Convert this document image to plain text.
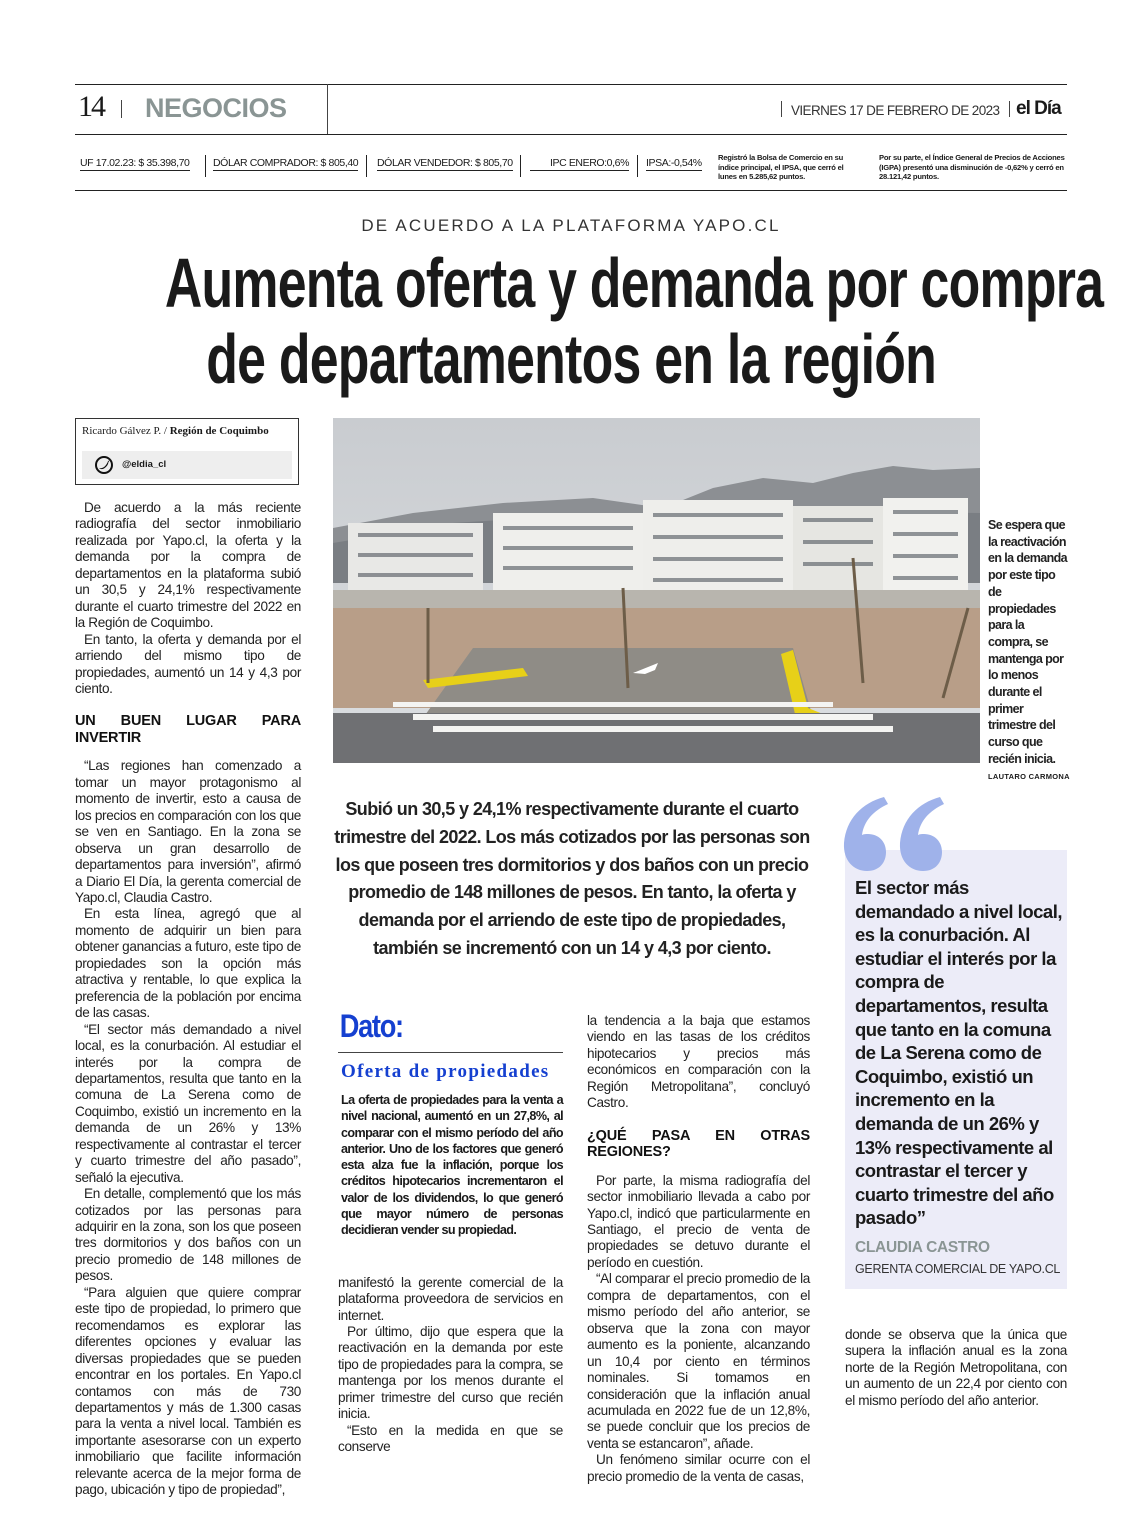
14 NEGOCIOS	VIERNES 17 DE FEBRERO DE 2023 el Día
UF 17.02.23: $ 35.398,70 DÓLAR COMPRADOR: $ 805,40 DÓLAR VENDEDOR: $ 805,70	IPC ENERO:0,6% IPSA:-0,54% Registró la Bolsa de Comercio en su índice principal, el IPSA, que cerró el lunes en 5.285,62 puntos.
Por su parte, el Índice General de Precios de Acciones (IGPA) presentó una disminución de -0,62% y cerró en 28.121,42 puntos.
DE ACUERDO A LA PLATAFORMA YAPO.CL
Aumenta oferta y demanda por compra
de departamentos en la región
Ricardo Gálvez P. / Región de Coquimbo
@eldia_cl

De acuerdo a la más reciente radiografía del sector inmobiliario realizada por Yapo.cl, la oferta y la demanda por la compra de departamentos en la plataforma subió un 30,5 y 24,1% respectivamente durante el cuarto trimestre del 2022 en la Región de Coquimbo.

En tanto, la oferta y demanda por el arriendo del mismo tipo de propiedades, aumentó un 14 y 4,3 por ciento.

UN BUEN LUGAR PARA INVERTIR

“Las regiones han comenzado a tomar un mayor protagonismo al momento de invertir, esto a causa de los precios en comparación con los que se ven en Santiago. En la zona se observa un gran desarrollo de departamentos para inversión”, afirmó a Diario El Día, la gerenta comercial de Yapo.cl, Claudia Castro.

En esta línea, agregó que al momento de adquirir un bien para obtener ganancias a futuro, este tipo de propiedades son la opción más atractiva y rentable, lo que explica la preferencia de la población por encima de las casas.

“El sector más demandado a nivel local, es la conurbación. Al estudiar el interés por la compra de departamentos, resulta que tanto en la comuna de La Serena como de Coquimbo, existió un incremento en la demanda de un 26% y 13% respectivamente al contrastar el tercer y cuarto trimestre del año pasado”, señaló la ejecutiva.

En detalle, complementó que los más cotizados por las personas para adquirir en la zona, son los que poseen tres dormitorios y dos baños con un precio promedio de 148 millones de pesos.

“Para alguien que quiere comprar este tipo de propiedad, lo primero que recomendamos es explorar las diferentes opciones y evaluar las diversas propiedades que se pueden encontrar en los portales. En Yapo.cl contamos con más de 730 departamentos y más de 1.300 casas para la venta a nivel local. También es importante asesorarse con un experto inmobiliario que facilite información relevante acerca de la mejor forma de pago, ubicación y tipo de propiedad”,

Se espera que la reactivación en la demanda por este tipo de propiedades para la compra, se mantenga por lo menos durante el primer trimestre del curso que recién inicia.
LAUTARO CARMONA
Subió un 30,5 y 24,1% respectivamente durante el cuarto trimestre del 2022. Los más cotizados por las personas son los que poseen tres dormitorios y dos baños con un precio promedio de 148 millones de pesos. En tanto, la oferta y demanda por el arriendo de este tipo de propiedades, también se incrementó con un 14 y 4,3 por ciento.
Dato:
Oferta de propiedades
La oferta de propiedades para la venta a nivel nacional, aumentó en un 27,8%, al comparar con el mismo período del año anterior. Uno de los factores que generó esta alza fue la inflación, porque los créditos hipotecarios incrementaron el valor de los dividendos, lo que generó que mayor número de personas decidieran vender su propiedad.

manifestó la gerente comercial de la plataforma proveedora de servicios en internet.

Por último, dijo que espera que la reactivación en la demanda por este tipo de propiedades para la compra, se mantenga por los menos durante el primer trimestre del curso que recién inicia.

“Esto en la medida en que se conserve

la tendencia a la baja que estamos viendo en las tasas de los créditos hipotecarios y precios más económicos en comparación con la Región Metropolitana”, concluyó Castro.

¿QUÉ PASA EN OTRAS REGIONES?

Por parte, la misma radiografía del sector inmobiliario llevada a cabo por Yapo.cl, indicó que particularmente en Santiago, el precio de venta de propiedades se detuvo durante el período en cuestión.

“Al comparar el precio promedio de la compra de departamentos, con el mismo período del año anterior, se observa que la zona con mayor aumento es la poniente, alcanzando un 10,4 por ciento en términos nominales. Si tomamos en consideración que la inflación anual acumulada en 2022 fue de un 12,8%, se puede concluir que los precios de venta se estancaron”, añade.

Un fenómeno similar ocurre con el precio promedio de la venta de casas,

El sector más demandado a nivel local, es la conurbación. Al estudiar el interés por la compra de departamentos, resulta que tanto en la comuna de La Serena como de Coquimbo, existió un incremento en la demanda de un 26% y 13% respectivamente al contrastar el tercer y cuarto trimestre del año pasado”
CLAUDIA CASTRO
GERENTA COMERCIAL DE YAPO.CL

donde se observa que la única que supera la inflación anual es la zona norte de la Región Metropolitana, con un aumento de un 22,4 por ciento con el mismo período del año anterior.
